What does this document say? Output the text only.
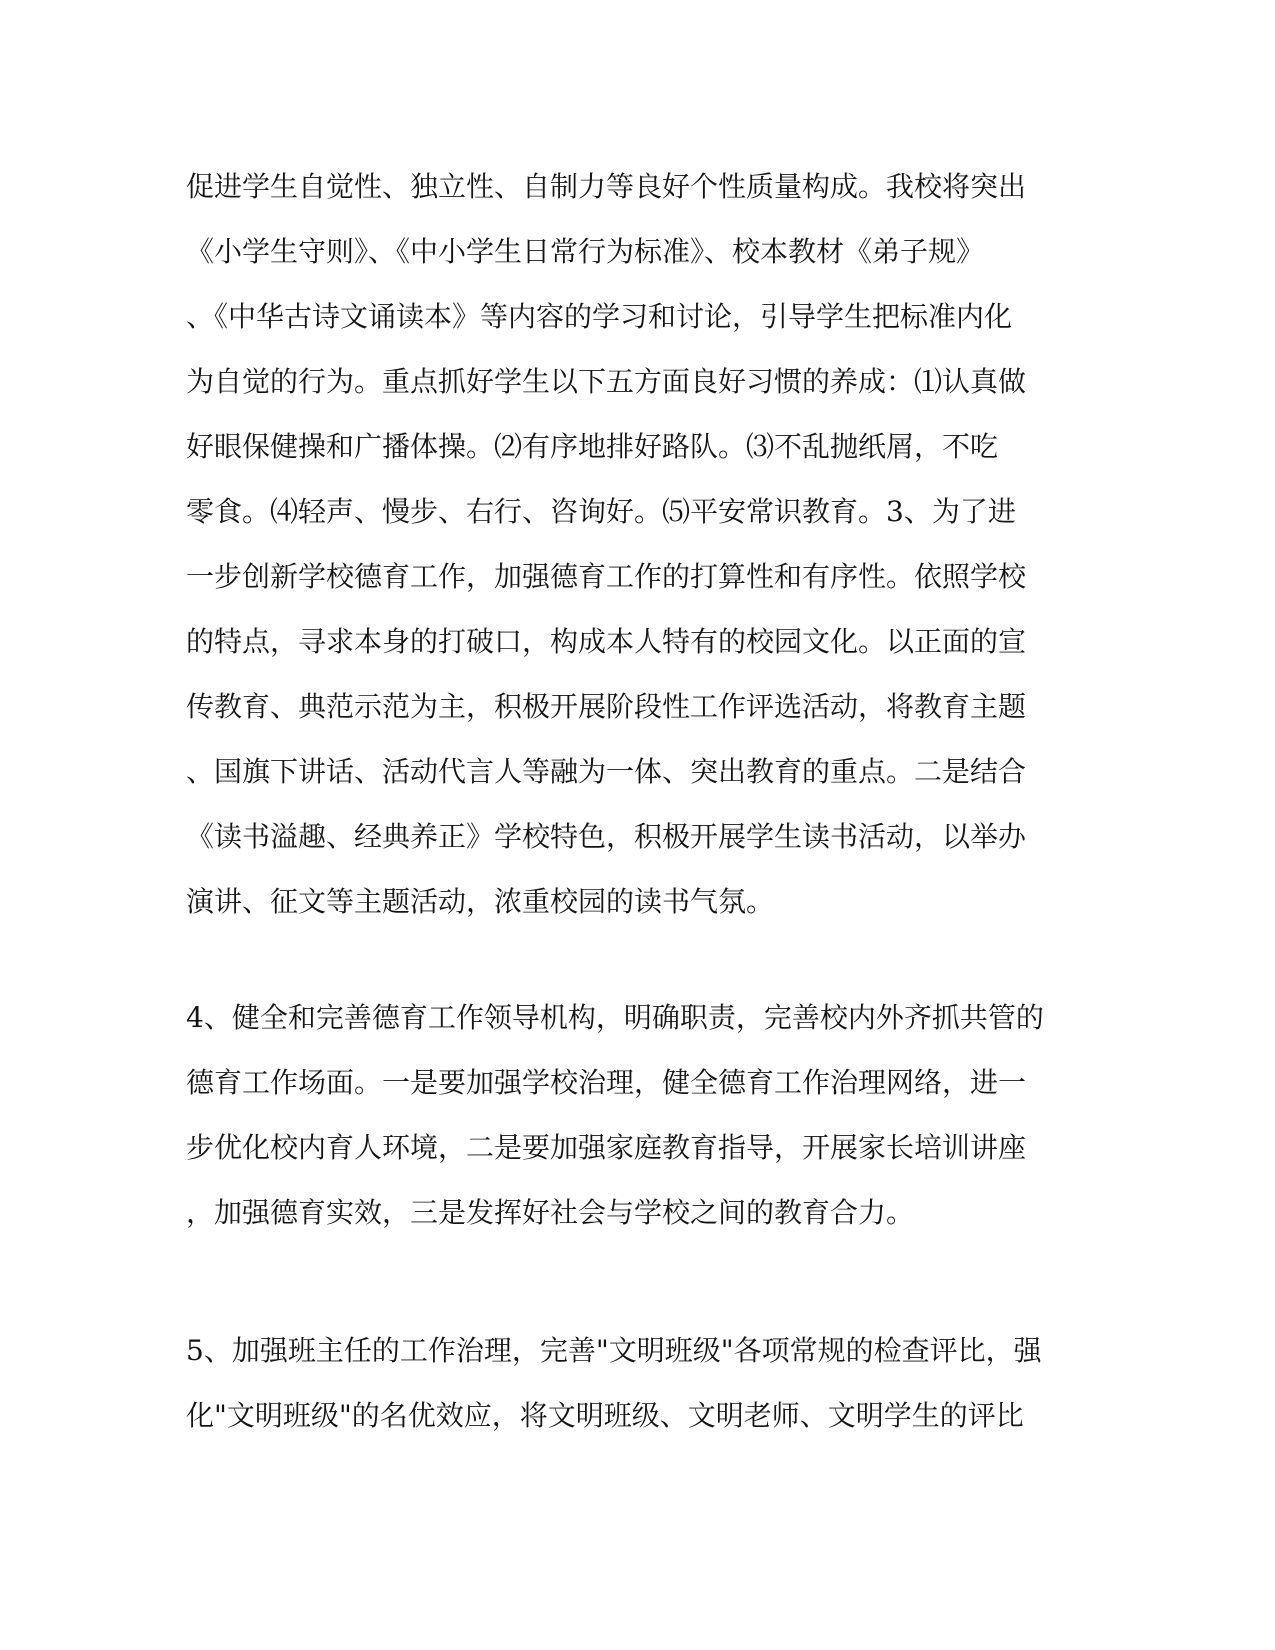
促进学生自觉性、独立性、自制力等良好个性质量构成。我校将突出
《小学生守则》、《中小学生日常行为标准》、校本教材《弟子规》
、《中华古诗文诵读本》等内容的学习和讨论，引导学生把标准内化
为自觉的行为。重点抓好学生以下五方面良好习惯的养成：⑴认真做
好眼保健操和广播体操。⑵有序地排好路队。⑶不乱抛纸屑，不吃
零食。⑷轻声、慢步、右行、咨询好。⑸平安常识教育。3、为了进
一步创新学校德育工作，加强德育工作的打算性和有序性。依照学校
的特点，寻求本身的打破口，构成本人特有的校园文化。以正面的宣
传教育、典范示范为主，积极开展阶段性工作评选活动，将教育主题
、国旗下讲话、活动代言人等融为一体、突出教育的重点。二是结合
《读书溢趣、经典养正》学校特色，积极开展学生读书活动，以举办
演讲、征文等主题活动，浓重校园的读书气氛。
4、健全和完善德育工作领导机构，明确职责，完善校内外齐抓共管的
德育工作场面。一是要加强学校治理，健全德育工作治理网络，进一
步优化校内育人环境，二是要加强家庭教育指导，开展家长培训讲座
，加强德育实效，三是发挥好社会与学校之间的教育合力。
5、加强班主任的工作治理，完善"文明班级"各项常规的检查评比，强
化"文明班级"的名优效应，将文明班级、文明老师、文明学生的评比
